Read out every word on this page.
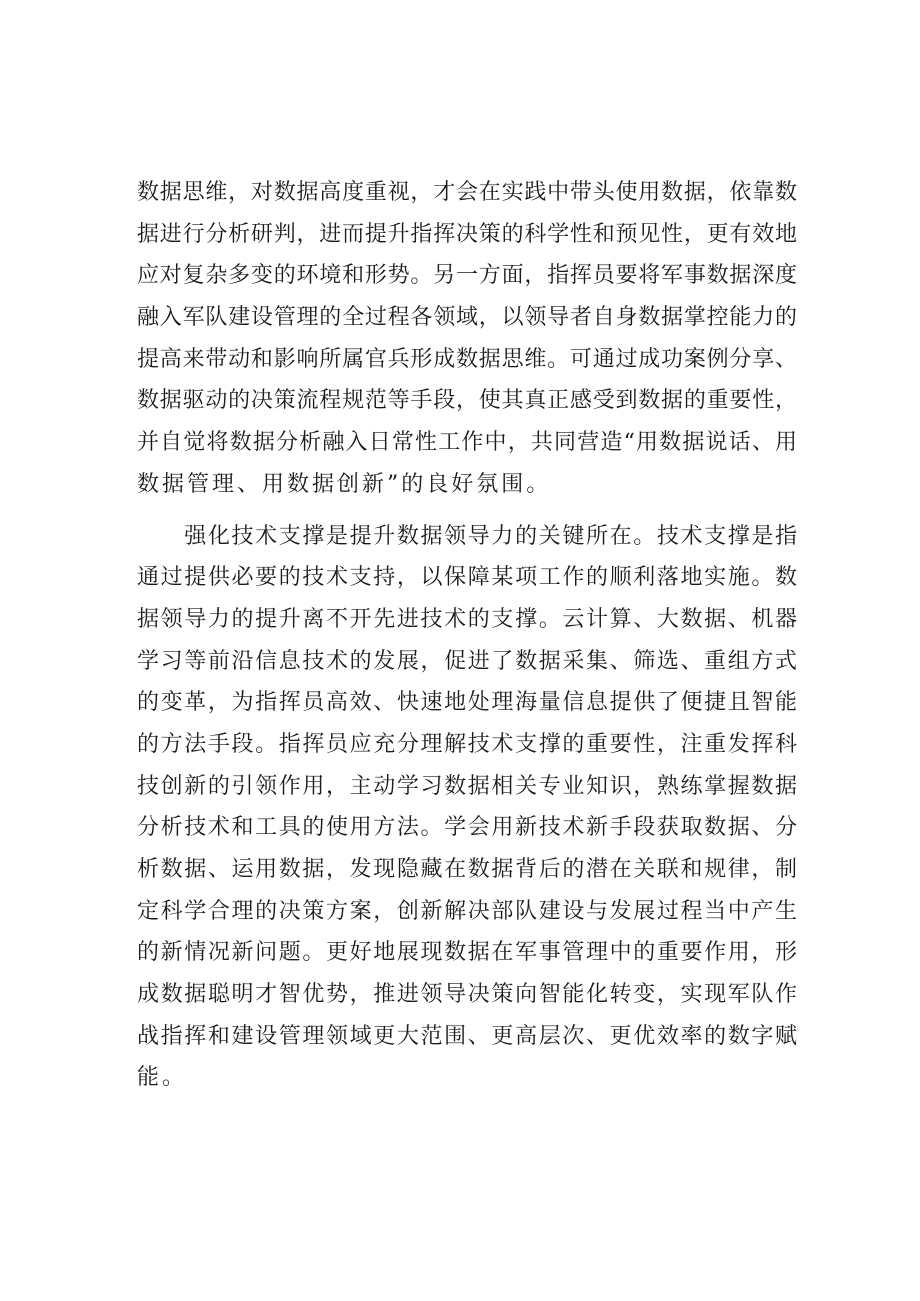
数据思维，对数据高度重视，才会在实践中带头使用数据，依靠数
据进行分析研判，进而提升指挥决策的科学性和预见性，更有效地
应对复杂多变的环境和形势。另一方面，指挥员要将军事数据深度
融入军队建设管理的全过程各领域，以领导者自身数据掌控能力的
提高来带动和影响所属官兵形成数据思维。可通过成功案例分享、
数据驱动的决策流程规范等手段，使其真正感受到数据的重要性，
并自觉将数据分析融入日常性工作中，共同营造“用数据说话、用
数据管理、用数据创新”的良好氛围。
　　强化技术支撑是提升数据领导力的关键所在。技术支撑是指
通过提供必要的技术支持，以保障某项工作的顺利落地实施。数
据领导力的提升离不开先进技术的支撑。云计算、大数据、机器
学习等前沿信息技术的发展，促进了数据采集、筛选、重组方式
的变革，为指挥员高效、快速地处理海量信息提供了便捷且智能
的方法手段。指挥员应充分理解技术支撑的重要性，注重发挥科
技创新的引领作用，主动学习数据相关专业知识，熟练掌握数据
分析技术和工具的使用方法。学会用新技术新手段获取数据、分
析数据、运用数据，发现隐藏在数据背后的潜在关联和规律，制
定科学合理的决策方案，创新解决部队建设与发展过程当中产生
的新情况新问题。更好地展现数据在军事管理中的重要作用，形
成数据聪明才智优势，推进领导决策向智能化转变，实现军队作
战指挥和建设管理领域更大范围、更高层次、更优效率的数字赋
能。
